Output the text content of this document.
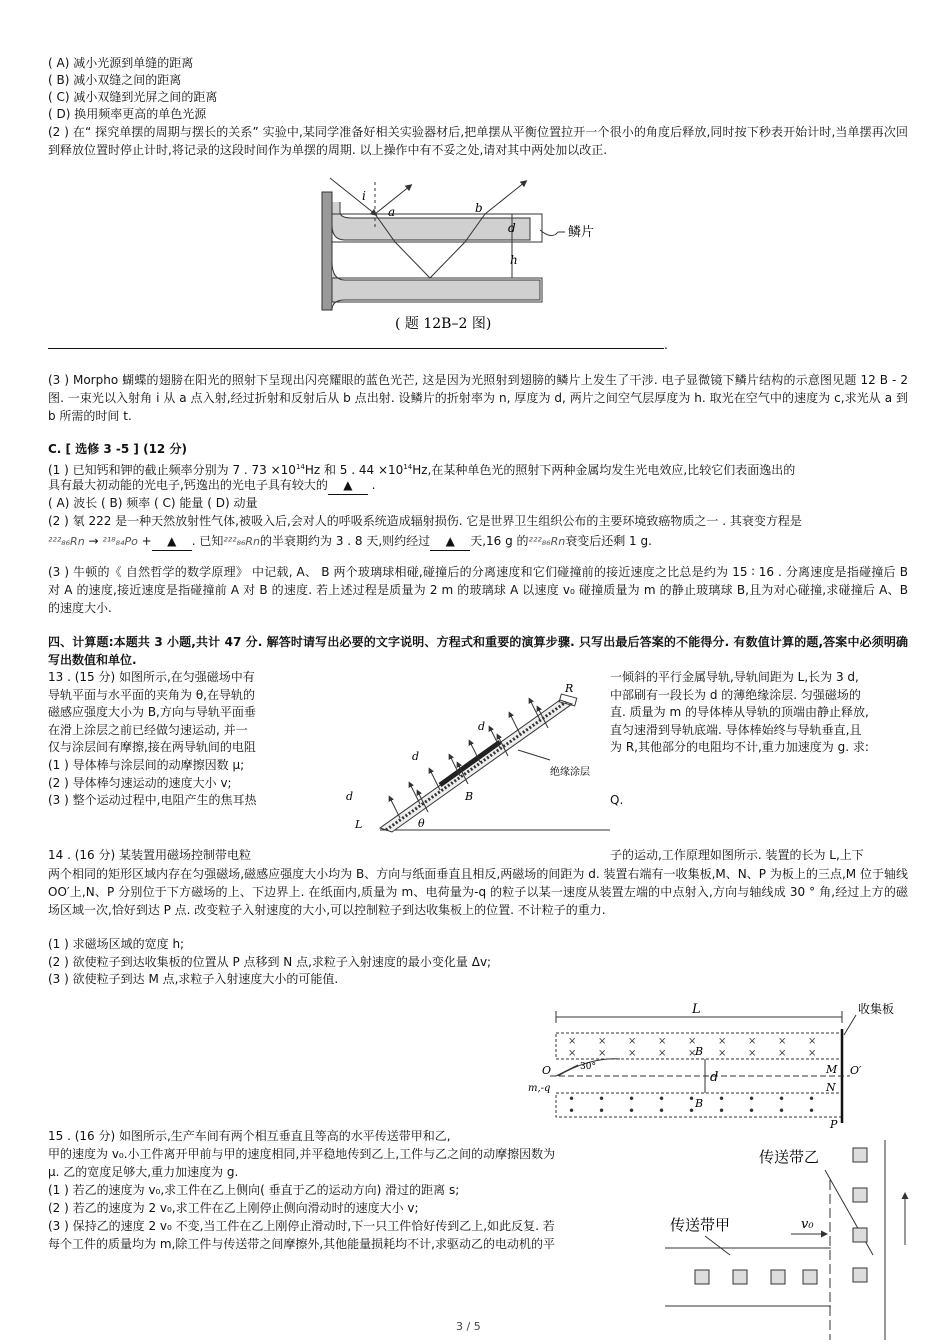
( A) 减小光源到单缝的距离
( B) 减小双缝之间的距离
( C) 减小双缝到光屏之间的距离
( D) 换用频率更高的单色光源
(2 ) 在“ 探究单摆的周期与摆长的关系” 实验中,某同学准备好相关实验器材后,把单摆从平衡位置拉开一个很小的角度后释放,同时按下秒表开始计时,当单摆再次回到释放位置时停止计时,将记录的这段时间作为单摆的周期. 以上操作中有不妥之处,请对其中两处加以改正.
i
a	b
d
h
鳞片
( 题 12B–2 图)
.
(3 ) Morpho 蝴蝶的翅膀在阳光的照射下呈现出闪亮耀眼的蓝色光芒, 这是因为光照射到翅膀的鳞片上发生了干涉. 电子显微镜下鳞片结构的示意图见题 12 B - 2 图. 一束光以入射角 i 从 a 点入射,经过折射和反射后从 b 点出射. 设鳞片的折射率为 n, 厚度为 d, 两片之间空气层厚度为 h. 取光在空气中的速度为 c,求光从 a 到 b 所需的时间 t.
C. [ 选修 3 -5 ] (12 分)
(1 ) 已知钙和钾的截止频率分别为 7 . $73 \times 10^{14}Hz$ 和 5 . $44 \times 10^{14}Hz$,在某种单色光的照射下两种金属均发生光电效应,比较它们表面逸出的
具有最大初动能的光电子,钙逸出的光电子具有较大的 ▲ .
( A) 波长 ( B) 频率 ( C) 能量 ( D) 动量
(2 ) 氡 222 是一种天然放射性气体,被吸入后,会对人的呼吸系统造成辐射损伤. 它是世界卫生组织公布的主要环境致癌物质之一 . 其衰变方程是
²²²₈₆Rn → ²¹⁸₈₄Po + ▲ . 已知²²²₈₆Rn的半衰期约为 3 . 8 天,则约经过 ▲ 天,16 g 的²²²₈₆Rn衰变后还剩 1 g.
(3 ) 牛顿的《 自然哲学的数学原理》 中记载, A、 B 两个玻璃球相碰,碰撞后的分离速度和它们碰撞前的接近速度之比总是约为 15 ∶ 16 . 分离速度是指碰撞后 B 对 A 的速度,接近速度是指碰撞前 A 对 B 的速度. 若上述过程是质量为 2 m 的玻璃球 A 以速度 v₀ 碰撞质量为 m 的静止玻璃球 B,且为对心碰撞,求碰撞后 A、B 的速度大小.
四、计算题:本题共 3 小题,共计 47 分. 解答时请写出必要的文字说明、方程式和重要的演算步骤. 只写出最后答案的不能得分. 有数值计算的题,答案中必须明确写出数值和单位.
13 . (15 分) 如图所示,在匀强磁场中有
导轨平面与水平面的夹角为 θ,在导轨的
磁感应强度大小为 B,方向与导轨平面垂
在滑上涂层之前已经做匀速运动, 并一
仅与涂层间有摩擦,接在两导轨间的电阻
(1 ) 导体棒与涂层间的动摩擦因数 μ;
(2 ) 导体棒匀速运动的速度大小 v;
(3 ) 整个运动过程中,电阻产生的焦耳热
一倾斜的平行金属导轨,导轨间距为 L,长为 3 d,
中部刷有一段长为 d 的薄绝缘涂层. 匀强磁场的
直. 质量为 m 的导体棒从导轨的顶端由静止释放,
直匀速滑到导轨底端. 导体棒始终与导轨垂直,且
为 R,其他部分的电阻均不计,重力加速度为 g. 求:
Q.
R
d
d
d	B
L	θ
绝缘涂层
14 . (16 分) 某装置用磁场控制带电粒	子的运动,工作原理如图所示. 装置的长为 L,上下
两个相同的矩形区域内存在匀强磁场,磁感应强度大小均为 B、方向与纸面垂直且相反,两磁场的间距为 d. 装置右端有一收集板,M、N、P 为板上的三点,M 位于轴线 OO′上,N、P 分别位于下方磁场的上、下边界上. 在纸面内,质量为 m、电荷量为-q 的粒子以某一速度从装置左端的中点射入,方向与轴线成 30 ° 角,经过上方的磁场区域一次,恰好到达 P 点. 改变粒子入射速度的大小,可以控制粒子到达收集板上的位置. 不计粒子的重力.
(1 ) 求磁场区域的宽度 h;
(2 ) 欲使粒子到达收集板的位置从 P 点移到 N 点,求粒子入射速度的最小变化量 Δv;
(3 ) 欲使粒子到达 M 点,求粒子入射速度大小的可能值.
L	收集板
× × × × × × × × ×
× × × × × × × × ×
• • • • • • • • •
• • • • • • • • •
B
B
d
O	O′
30°
m,-q
M
N
P
15 . (16 分) 如图所示,生产车间有两个相互垂直且等高的水平传送带甲和乙,
甲的速度为 v₀.小工件离开甲前与甲的速度相同,并平稳地传到乙上,工件与乙之间的动摩擦因数为
μ. 乙的宽度足够大,重力加速度为 g.
(1 ) 若乙的速度为 v₀,求工件在乙上侧向( 垂直于乙的运动方向) 滑过的距离 s;
(2 ) 若乙的速度为 2 v₀,求工件在乙上刚停止侧向滑动时的速度大小 v;
(3 ) 保持乙的速度 2 v₀ 不变,当工件在乙上刚停止滑动时,下一只工件恰好传到乙上,如此反复. 若
每个工件的质量均为 m,除工件与传送带之间摩擦外,其他能量损耗均不计,求驱动乙的电动机的平
传送带乙
传送带甲	v₀
3 / 5
